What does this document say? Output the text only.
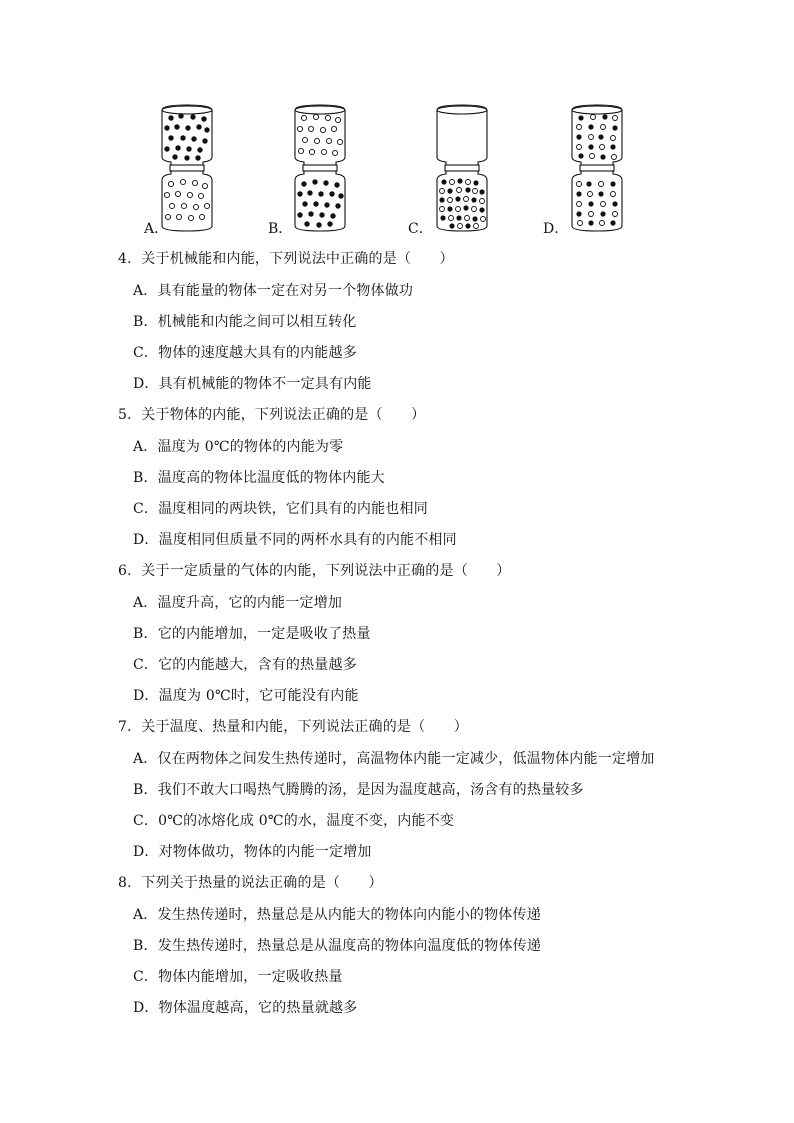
A．	B．	C．	D．
4．关于机械能和内能，下列说法中正确的是（　　）
A．具有能量的物体一定在对另一个物体做功
B．机械能和内能之间可以相互转化
C．物体的速度越大具有的内能越多
D．具有机械能的物体不一定具有内能
5．关于物体的内能，下列说法正确的是（　　）
A．温度为 0℃的物体的内能为零
B．温度高的物体比温度低的物体内能大
C．温度相同的两块铁，它们具有的内能也相同
D．温度相同但质量不同的两杯水具有的内能不相同
6．关于一定质量的气体的内能，下列说法中正确的是（　　）
A．温度升高，它的内能一定增加
B．它的内能增加，一定是吸收了热量
C．它的内能越大，含有的热量越多
D．温度为 0℃时，它可能没有内能
7．关于温度、热量和内能，下列说法正确的是（　　）
A．仅在两物体之间发生热传递时，高温物体内能一定减少，低温物体内能一定增加
B．我们不敢大口喝热气腾腾的汤，是因为温度越高，汤含有的热量较多
C．0℃的冰熔化成 0℃的水，温度不变，内能不变
D．对物体做功，物体的内能一定增加
8．下列关于热量的说法正确的是（　　）
A．发生热传递时，热量总是从内能大的物体向内能小的物体传递
B．发生热传递时，热量总是从温度高的物体向温度低的物体传递
C．物体内能增加，一定吸收热量
D．物体温度越高，它的热量就越多
